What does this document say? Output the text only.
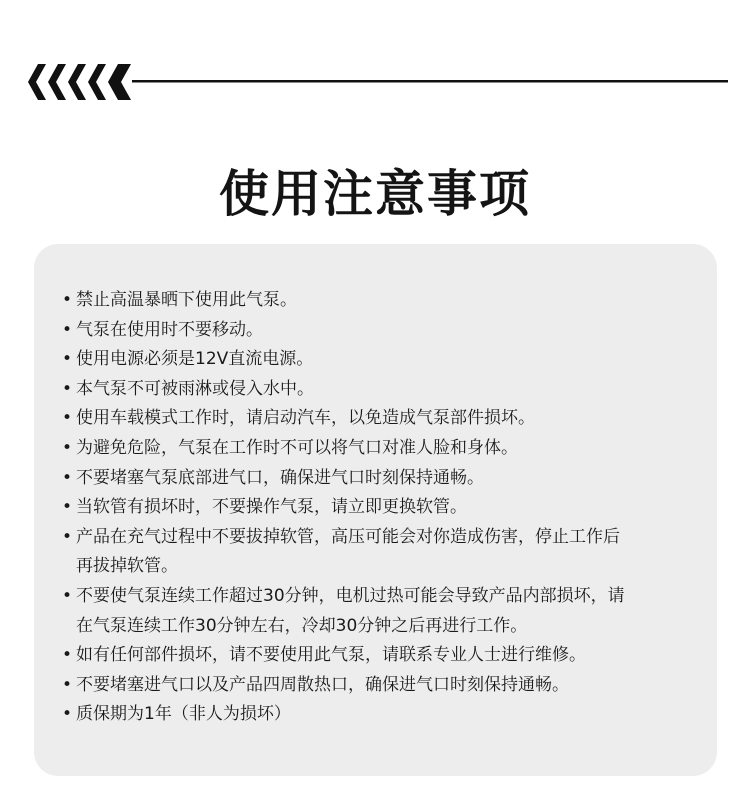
使用注意事项
• 禁止高温暴晒下使用此气泵。
• 气泵在使用时不要移动。
• 使用电源必须是12V直流电源。
• 本气泵不可被雨淋或侵入水中。
• 使用车载模式工作时，请启动汽车，以免造成气泵部件损坏。
• 为避免危险，气泵在工作时不可以将气口对准人脸和身体。
• 不要堵塞气泵底部进气口，确保进气口时刻保持通畅。
• 当软管有损坏时，不要操作气泵，请立即更换软管。
• 产品在充气过程中不要拔掉软管，高压可能会对你造成伤害，停止工作后
再拔掉软管。
• 不要使气泵连续工作超过30分钟，电机过热可能会导致产品内部损坏，请
在气泵连续工作30分钟左右，冷却30分钟之后再进行工作。
• 如有任何部件损坏，请不要使用此气泵，请联系专业人士进行维修。
• 不要堵塞进气口以及产品四周散热口，确保进气口时刻保持通畅。
• 质保期为1年（非人为损坏）
